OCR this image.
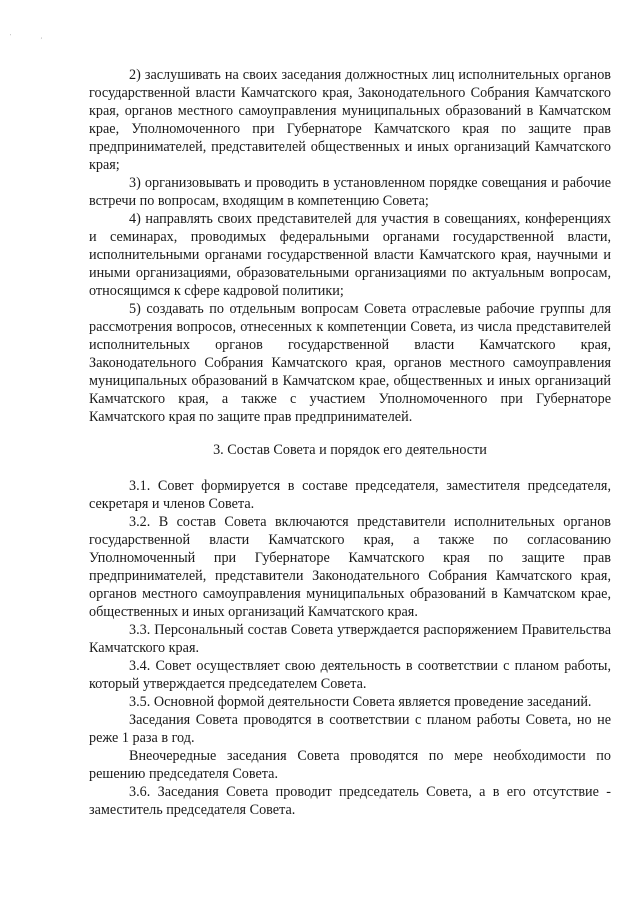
' ,

2) заслушивать на своих заседания должностных лиц исполнительных органов государственной власти Камчатского края, Законодательного Собрания Камчатского края, органов местного самоуправления муниципальных образований в Камчатском крае, Уполномоченного при Губернаторе Камчатского края по защите прав предпринимателей, представителей общественных и иных организаций Камчатского края;

3) организовывать и проводить в установленном порядке совещания и рабочие встречи по вопросам, входящим в компетенцию Совета;

4) направлять своих представителей для участия в совещаниях, конференциях и семинарах, проводимых федеральными органами государственной власти, исполнительными органами государственной власти Камчатского края, научными и иными организациями, образовательными организациями по актуальным вопросам, относящимся к сфере кадровой политики;

5) создавать по отдельным вопросам Совета отраслевые рабочие группы для рассмотрения вопросов, отнесенных к компетенции Совета, из числа представителей исполнительных органов государственной власти Камчатского края, Законодательного Собрания Камчатского края, органов местного самоуправления муниципальных образований в Камчатском крае, общественных и иных организаций Камчатского края, а также с участием Уполномоченного при Губернаторе Камчатского края по защите прав предпринимателей.

3. Состав Совета и порядок его деятельности

3.1. Совет формируется в составе председателя, заместителя председателя, секретаря и членов Совета.

3.2. В состав Совета включаются представители исполнительных органов государственной власти Камчатского края, а также по согласованию Уполномоченный при Губернаторе Камчатского края по защите прав предпринимателей, представители Законодательного Собрания Камчатского края, органов местного самоуправления муниципальных образований в Камчатском крае, общественных и иных организаций Камчатского края.

3.3. Персональный состав Совета утверждается распоряжением Правительства Камчатского края.

3.4. Совет осуществляет свою деятельность в соответствии с планом работы, который утверждается председателем Совета.

3.5. Основной формой деятельности Совета является проведение заседаний.

Заседания Совета проводятся в соответствии с планом работы Совета, но не реже 1 раза в год.

Внеочередные заседания Совета проводятся по мере необходимости по решению председателя Совета.

3.6. Заседания Совета проводит председатель Совета, а в его отсутствие - заместитель председателя Совета.
